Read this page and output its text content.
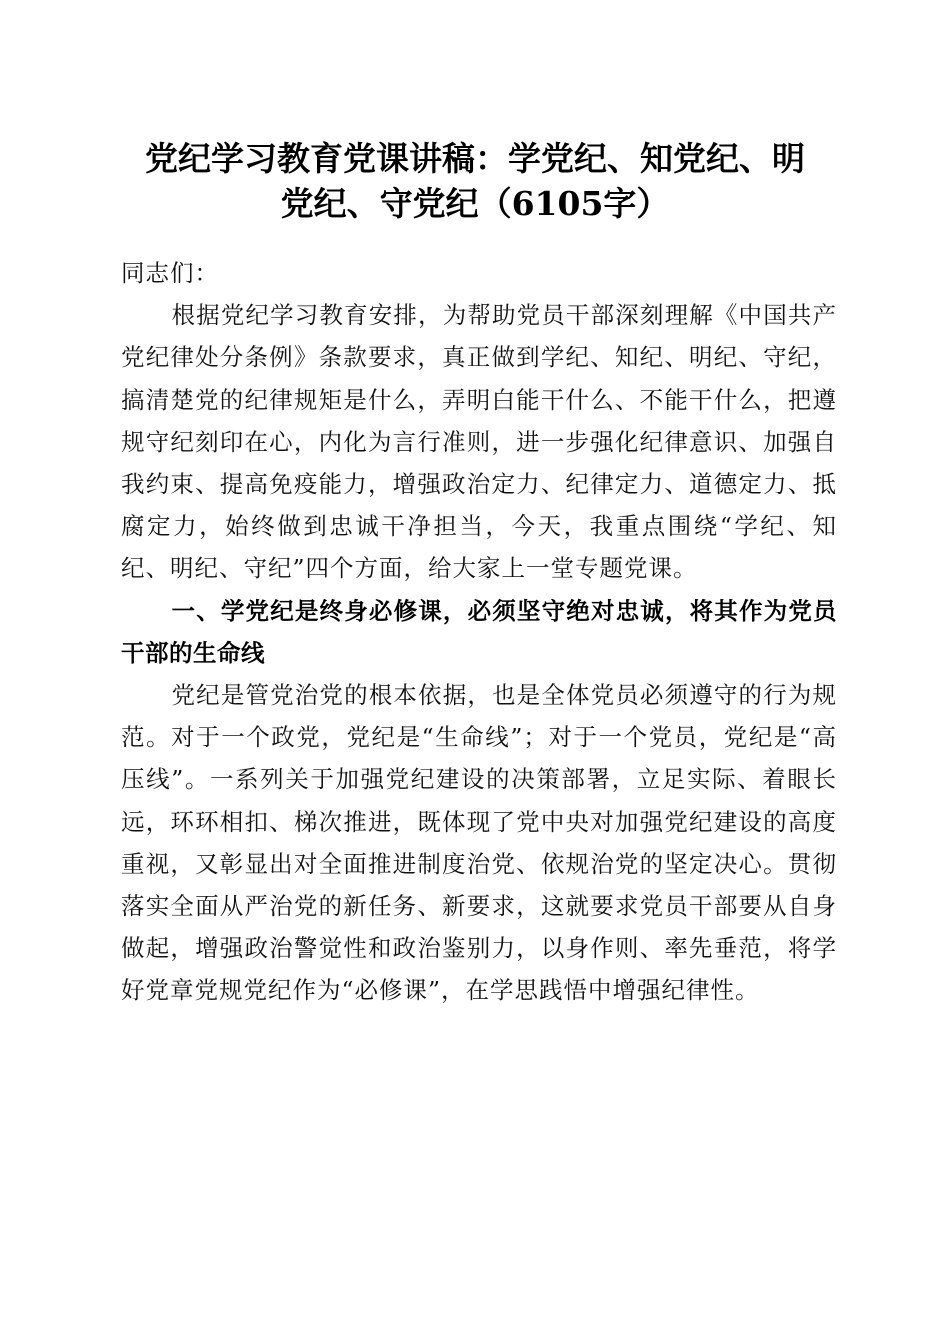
党纪学习教育党课讲稿：学党纪、知党纪、明
党纪、守党纪（6105字）

同志们：

根据党纪学习教育安排，为帮助党员干部深刻理解《中国共产党纪律处分条例》条款要求，真正做到学纪、知纪、明纪、守纪，搞清楚党的纪律规矩是什么，弄明白能干什么、不能干什么，把遵规守纪刻印在心，内化为言行准则，进一步强化纪律意识、加强自我约束、提高免疫能力，增强政治定力、纪律定力、道德定力、抵腐定力，始终做到忠诚干净担当，今天，我重点围绕“学纪、知纪、明纪、守纪”四个方面，给大家上一堂专题党课。

一、学党纪是终身必修课，必须坚守绝对忠诚，将其作为党员干部的生命线

党纪是管党治党的根本依据，也是全体党员必须遵守的行为规范。对于一个政党，党纪是“生命线”；对于一个党员，党纪是“高压线”。一系列关于加强党纪建设的决策部署，立足实际、着眼长远，环环相扣、梯次推进，既体现了党中央对加强党纪建设的高度重视，又彰显出对全面推进制度治党、依规治党的坚定决心。贯彻落实全面从严治党的新任务、新要求，这就要求党员干部要从自身做起，增强政治警觉性和政治鉴别力，以身作则、率先垂范，将学好党章党规党纪作为“必修课”，在学思践悟中增强纪律性。
